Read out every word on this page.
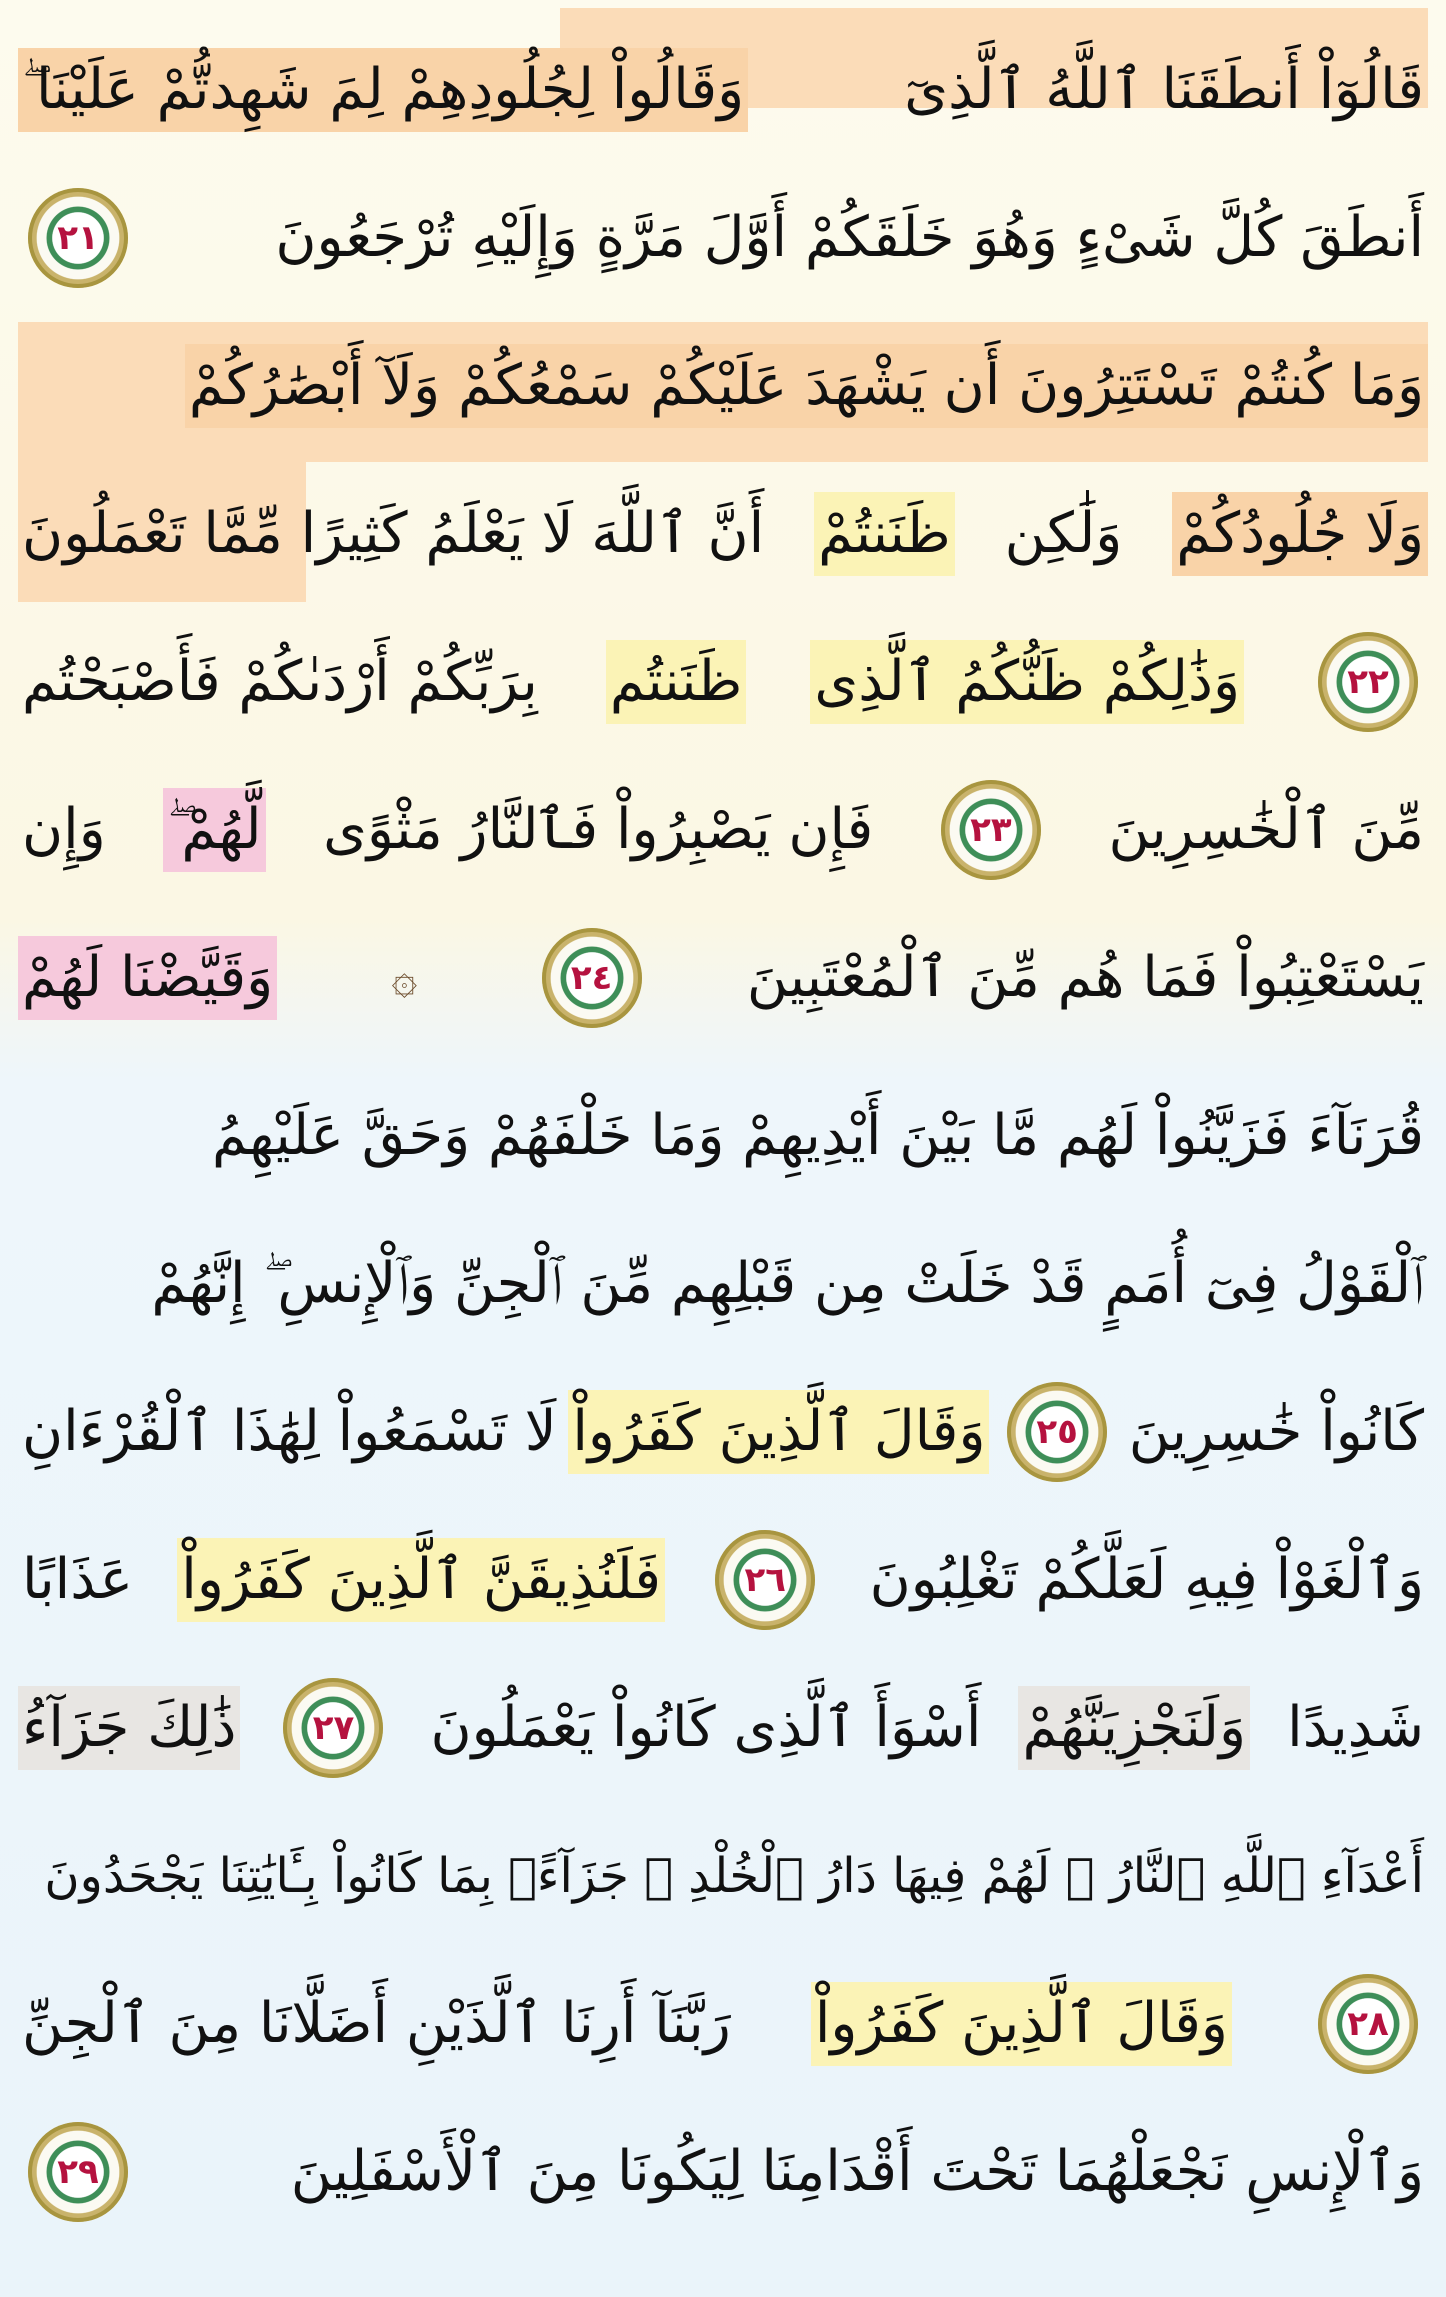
قَالُوٓاْ أَنطَقَنَا ٱللَّهُ ٱلَّذِىٓ
وَقَالُواْ لِجُلُودِهِمْ لِمَ شَهِدتُّمْ عَلَيْنَا ۖ
أَنطَقَ كُلَّ شَىْءٍ وَهُوَ خَلَقَكُمْ أَوَّلَ مَرَّةٍ وَإِلَيْهِ تُرْجَعُونَ
٢١
وَمَا كُنتُمْ تَسْتَتِرُونَ أَن يَشْهَدَ عَلَيْكُمْ سَمْعُكُمْ وَلَآ أَبْصَٰرُكُمْ
وَلَا جُلُودُكُمْ
وَلَٰكِن
ظَنَنتُمْ
أَنَّ ٱللَّهَ لَا يَعْلَمُ كَثِيرًا مِّمَّا تَعْمَلُونَ
٢٢
وَذَٰلِكُمْ ظَنُّكُمُ ٱلَّذِى
ظَنَنتُم
بِرَبِّكُمْ أَرْدَىٰكُمْ فَأَصْبَحْتُم
مِّنَ ٱلْخَٰسِرِينَ
٢٣
فَإِن يَصْبِرُواْ فَٱلنَّارُ مَثْوًى
لَّهُمْ ۖ
وَإِن
يَسْتَعْتِبُواْ فَمَا هُم مِّنَ ٱلْمُعْتَبِينَ
٢٤
۞
وَقَيَّضْنَا لَهُمْ
قُرَنَآءَ فَزَيَّنُواْ لَهُم مَّا بَيْنَ أَيْدِيهِمْ وَمَا خَلْفَهُمْ وَحَقَّ عَلَيْهِمُ
ٱلْقَوْلُ فِىٓ أُمَمٍ قَدْ خَلَتْ مِن قَبْلِهِم مِّنَ ٱلْجِنِّ وَٱلْإِنسِ ۖ إِنَّهُمْ
كَانُواْ خَٰسِرِينَ
٢٥
وَقَالَ ٱلَّذِينَ كَفَرُواْ
لَا تَسْمَعُواْ لِهَٰذَا ٱلْقُرْءَانِ
وَٱلْغَوْاْ فِيهِ لَعَلَّكُمْ تَغْلِبُونَ
٢٦
فَلَنُذِيقَنَّ ٱلَّذِينَ كَفَرُواْ
عَذَابًا
شَدِيدًا
وَلَنَجْزِيَنَّهُمْ
أَسْوَأَ ٱلَّذِى كَانُواْ يَعْمَلُونَ
٢٧
ذَٰلِكَ جَزَآءُ
أَعْدَآءِ ٱللَّهِ ٱلنَّارُ ۖ لَهُمْ فِيهَا دَارُ ٱلْخُلْدِ ۖ جَزَآءًۢ بِمَا كَانُواْ بِـَٔايَٰتِنَا يَجْحَدُونَ
٢٨
وَقَالَ ٱلَّذِينَ كَفَرُواْ
رَبَّنَآ أَرِنَا ٱلَّذَيْنِ أَضَلَّانَا مِنَ ٱلْجِنِّ
وَٱلْإِنسِ نَجْعَلْهُمَا تَحْتَ أَقْدَامِنَا لِيَكُونَا مِنَ ٱلْأَسْفَلِينَ
٢٩
